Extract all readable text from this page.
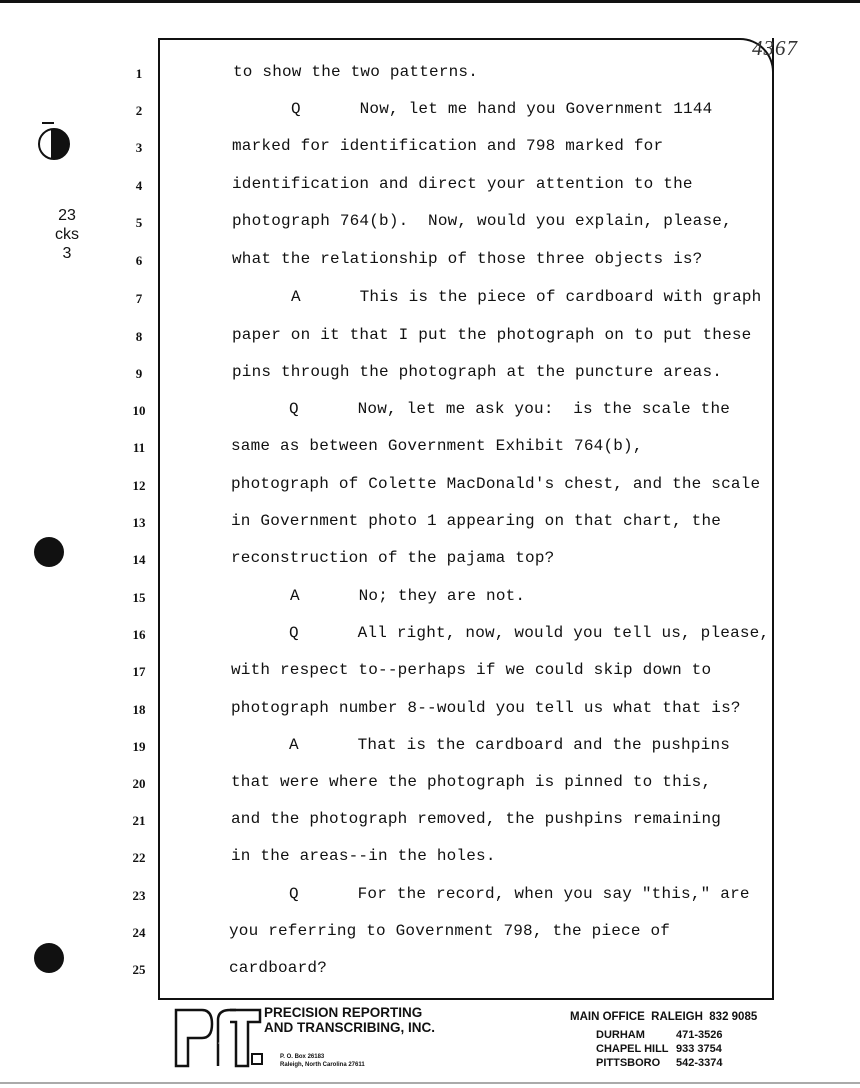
4367
23
cks
3
1	to show the two patterns.
2	Q      Now, let me hand you Government 1144
3	marked for identification and 798 marked for
4	identification and direct your attention to the
5	photograph 764(b).  Now, would you explain, please,
6	what the relationship of those three objects is?
7	A      This is the piece of cardboard with graph
8	paper on it that I put the photograph on to put these
9	pins through the photograph at the puncture areas.
10	Q      Now, let me ask you:  is the scale the
11	same as between Government Exhibit 764(b),
12	photograph of Colette MacDonald's chest, and the scale
13	in Government photo 1 appearing on that chart, the
14	reconstruction of the pajama top?
15	A      No; they are not.
16	Q      All right, now, would you tell us, please,
17	with respect to--perhaps if we could skip down to
18	photograph number 8--would you tell us what that is?
19	A      That is the cardboard and the pushpins
20	that were where the photograph is pinned to this,
21	and the photograph removed, the pushpins remaining
22	in the areas--in the holes.
23	Q      For the record, when you say "this," are
24	you referring to Government 798, the piece of
25	cardboard?
P&T
PRECISION REPORTING
AND TRANSCRIBING, INC.
P. O. Box 26183
Raleigh, North Carolina 27611
MAIN OFFICE  RALEIGH  832 9085
DURHAM	471-3526
CHAPEL HILL 933 3754
PITTSBORO 542-3374
